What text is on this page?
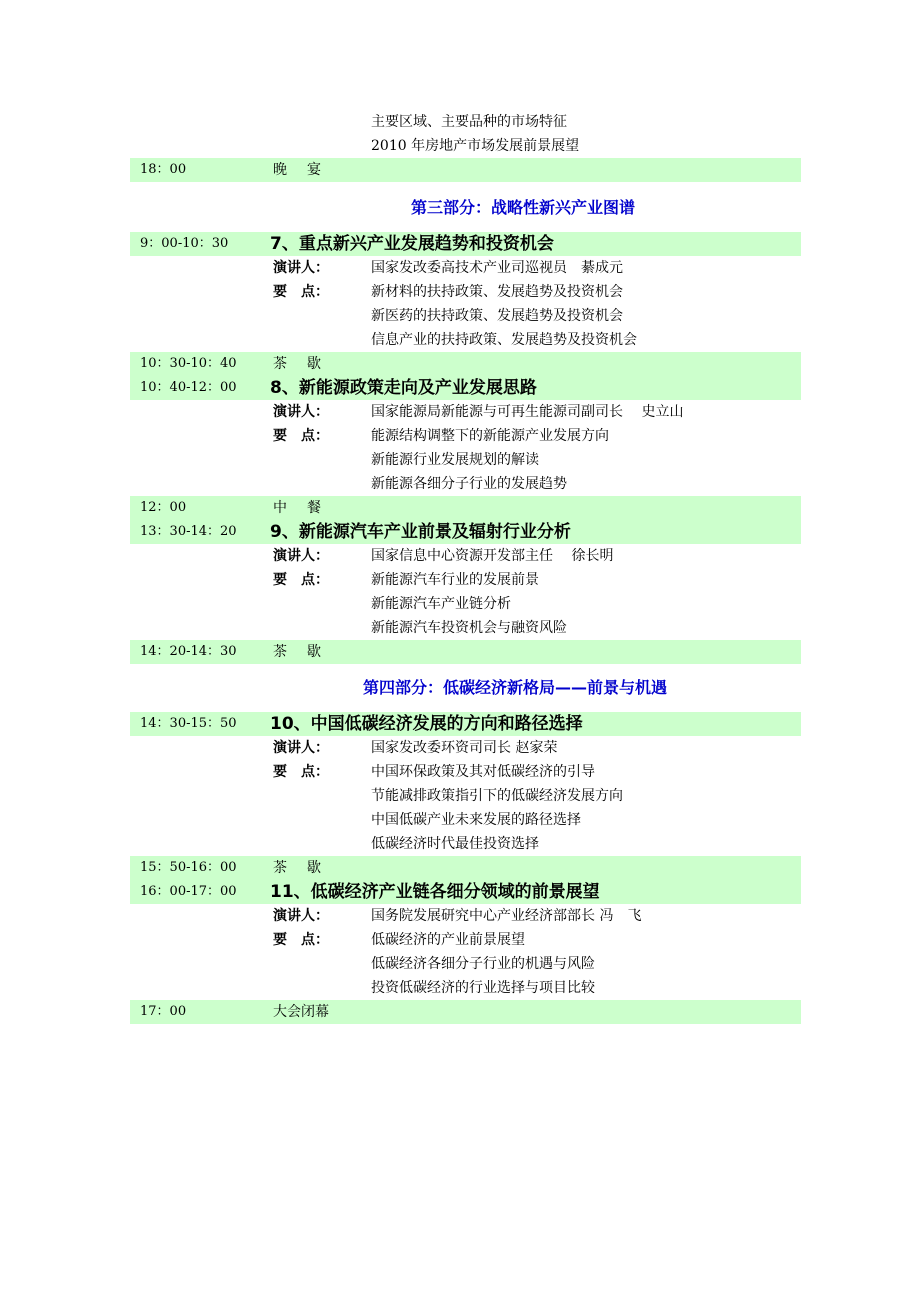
主要区域、主要品种的市场特征
2010 年房地产市场发展前景展望
18：00	晚　宴
第三部分：战略性新兴产业图谱
9：00-10：30 7、重点新兴产业发展趋势和投资机会
演讲人：	国家发改委高技术产业司巡视员　綦成元
要　点：	新材料的扶持政策、发展趋势及投资机会
新医药的扶持政策、发展趋势及投资机会
信息产业的扶持政策、发展趋势及投资机会
10：30-10：40	茶　歇
10：40-12：00 8、新能源政策走向及产业发展思路
演讲人：	国家能源局新能源与可再生能源司副司长　 史立山
要　点：	能源结构调整下的新能源产业发展方向
新能源行业发展规划的解读
新能源各细分子行业的发展趋势
12：00	中　餐
13：30-14：20 9、新能源汽车产业前景及辐射行业分析
演讲人：	国家信息中心资源开发部主任　 徐长明
要　点：	新能源汽车行业的发展前景
新能源汽车产业链分析
新能源汽车投资机会与融资风险
14：20-14：30	茶　歇
第四部分：低碳经济新格局——前景与机遇
14：30-15：50 10、中国低碳经济发展的方向和路径选择
演讲人：	国家发改委环资司司长 赵家荣
要　点：	中国环保政策及其对低碳经济的引导
节能减排政策指引下的低碳经济发展方向
中国低碳产业未来发展的路径选择
低碳经济时代最佳投资选择
15：50-16：00	茶　歇
16：00-17：00 11、低碳经济产业链各细分领域的前景展望
演讲人：	国务院发展研究中心产业经济部部长 冯　飞
要　点：	低碳经济的产业前景展望
低碳经济各细分子行业的机遇与风险
投资低碳经济的行业选择与项目比较
17：00	大会闭幕
